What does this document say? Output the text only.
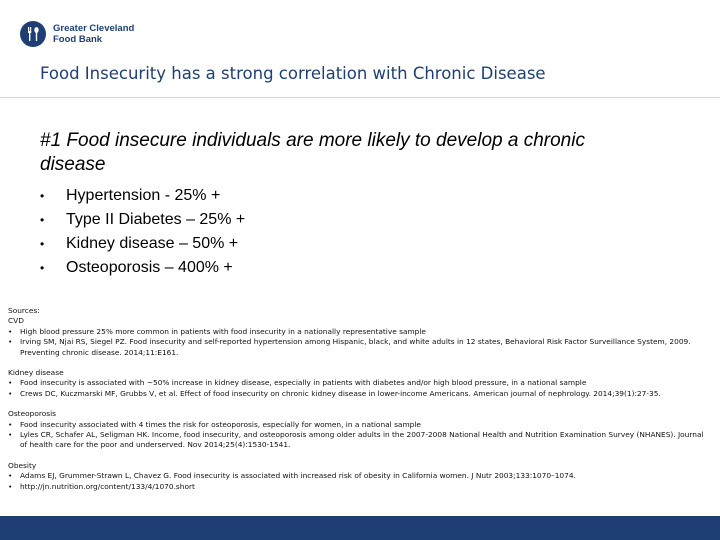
Greater Cleveland
Food Bank
Food Insecurity has a strong correlation with Chronic Disease
#1 Food insecure individuals are more likely to develop a chronic disease
•	Hypertension - 25% +
•	Type II Diabetes – 25% +
•	Kidney disease – 50% +
•	Osteoporosis – 400% +
Sources:
CVD
•	High blood pressure 25% more common in patients with food insecurity in a nationally representative sample
•	Irving SM, Njai RS, Siegel PZ. Food insecurity and self-reported hypertension among Hispanic, black, and white adults in 12 states, Behavioral Risk Factor Surveillance System, 2009. Preventing chronic disease. 2014;11:E161.
Kidney disease
•	Food insecurity is associated with ~50% increase in kidney disease, especially in patients with diabetes and/or high blood pressure, in a national sample
•	Crews DC, Kuczmarski MF, Grubbs V, et al. Effect of food insecurity on chronic kidney disease in lower-income Americans. American journal of nephrology. 2014;39(1):27-35.
Osteoporosis
•	Food insecurity associated with 4 times the risk for osteoporosis, especially for women, in a national sample
•	Lyles CR, Schafer AL, Seligman HK. Income, food insecurity, and osteoporosis among older adults in the 2007-2008 National Health and Nutrition Examination Survey (NHANES). Journal of health care for the poor and underserved. Nov 2014;25(4):1530-1541.
Obesity
•	Adams EJ, Grummer-Strawn L, Chavez G. Food insecurity is associated with increased risk of obesity in California women. J Nutr 2003;133:1070–1074.
•	http://jn.nutrition.org/content/133/4/1070.short
